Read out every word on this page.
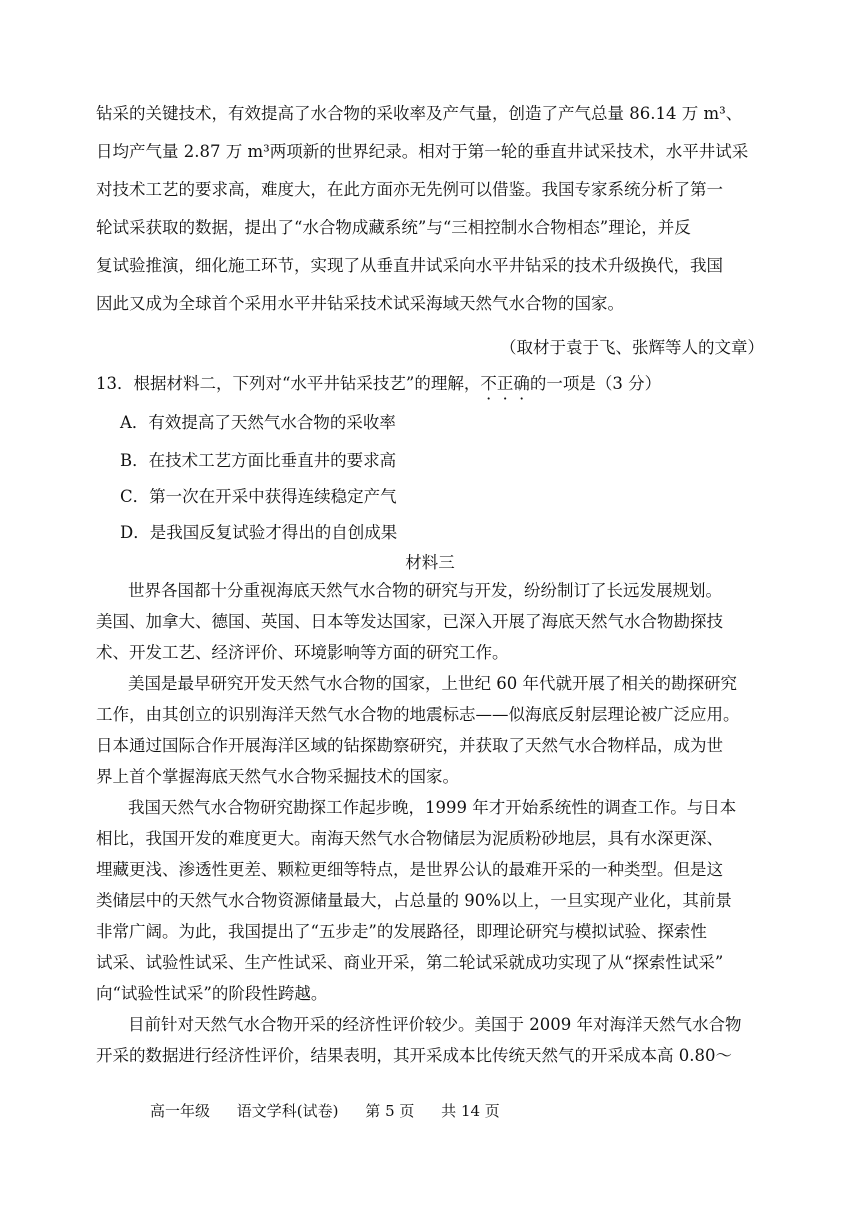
钻采的关键技术，有效提高了水合物的采收率及产气量，创造了产气总量 86.14 万 m³、
日均产气量 2.87 万 m³两项新的世界纪录。相对于第一轮的垂直井试采技术，水平井试采
对技术工艺的要求高，难度大，在此方面亦无先例可以借鉴。我国专家系统分析了第一
轮试采获取的数据，提出了“水合物成藏系统”与“三相控制水合物相态”理论，并反
复试验推演，细化施工环节，实现了从垂直井试采向水平井钻采的技术升级换代，我国
因此又成为全球首个采用水平井钻采技术试采海域天然气水合物的国家。
（取材于袁于飞、张辉等人的文章）
13．根据材料二，下列对“水平井钻采技艺”的理解，不正确的一项是（3 分）
A．有效提高了天然气水合物的采收率
B．在技术工艺方面比垂直井的要求高
C．第一次在开采中获得连续稳定产气
D．是我国反复试验才得出的自创成果
材料三
世界各国都十分重视海底天然气水合物的研究与开发，纷纷制订了长远发展规划。
美国、加拿大、德国、英国、日本等发达国家，已深入开展了海底天然气水合物勘探技
术、开发工艺、经济评价、环境影响等方面的研究工作。
美国是最早研究开发天然气水合物的国家，上世纪 60 年代就开展了相关的勘探研究
工作，由其创立的识别海洋天然气水合物的地震标志——似海底反射层理论被广泛应用。
日本通过国际合作开展海洋区域的钻探勘察研究，并获取了天然气水合物样品，成为世
界上首个掌握海底天然气水合物采掘技术的国家。
我国天然气水合物研究勘探工作起步晚，1999 年才开始系统性的调查工作。与日本
相比，我国开发的难度更大。南海天然气水合物储层为泥质粉砂地层，具有水深更深、
埋藏更浅、渗透性更差、颗粒更细等特点，是世界公认的最难开采的一种类型。但是这
类储层中的天然气水合物资源储量最大，占总量的 90%以上，一旦实现产业化，其前景
非常广阔。为此，我国提出了“五步走”的发展路径，即理论研究与模拟试验、探索性
试采、试验性试采、生产性试采、商业开采，第二轮试采就成功实现了从“探索性试采”
向“试验性试采”的阶段性跨越。
目前针对天然气水合物开采的经济性评价较少。美国于 2009 年对海洋天然气水合物
高一年级 语文学科(试卷) 第 5 页 共 14 页
开采的数据进行经济性评价，结果表明，其开采成本比传统天然气的开采成本高 0.80～
